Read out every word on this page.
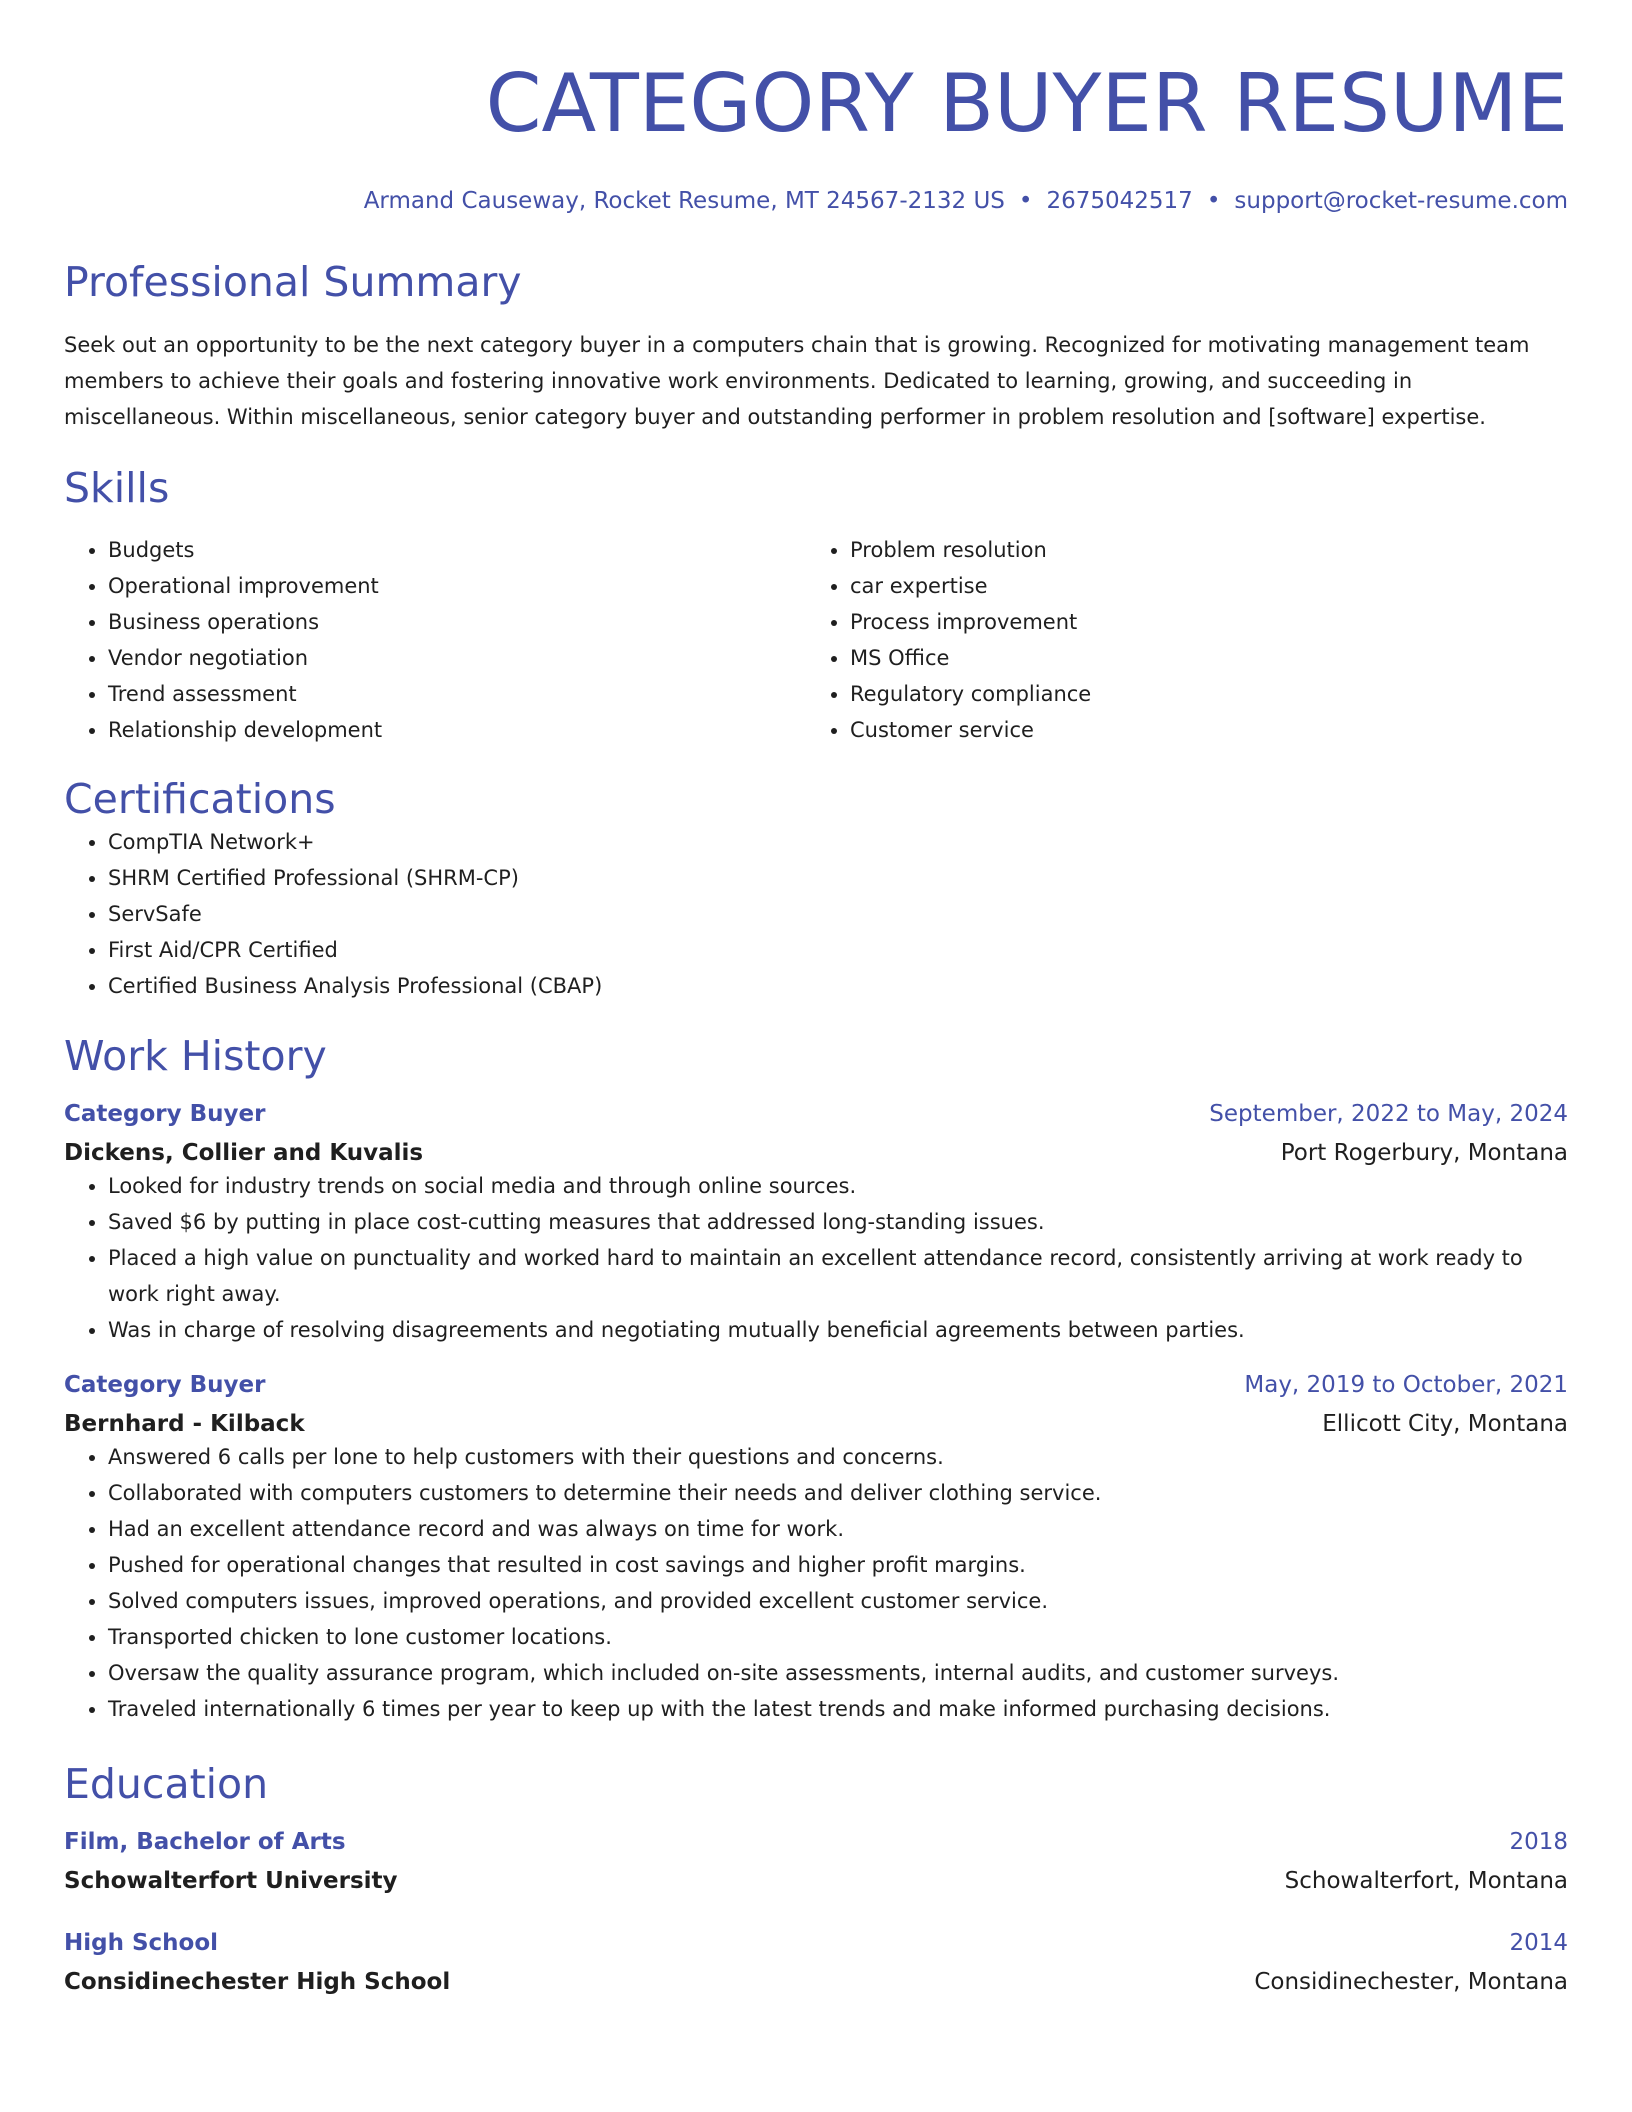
CATEGORY BUYER RESUME
Armand Causeway, Rocket Resume, MT 24567-2132 US • 2675042517 • support@rocket-resume.com
Professional Summary
Seek out an opportunity to be the next category buyer in a computers chain that is growing. Recognized for motivating management team members to achieve their goals and fostering innovative work environments. Dedicated to learning, growing, and succeeding in miscellaneous. Within miscellaneous, senior category buyer and outstanding performer in problem resolution and [software] expertise.
Skills
• Budgets
• Operational improvement
• Business operations
• Vendor negotiation
• Trend assessment
• Relationship development
• Problem resolution
• car expertise
• Process improvement
• MS Office
• Regulatory compliance
• Customer service
Certifications
• CompTIA Network+
• SHRM Certified Professional (SHRM-CP)
• ServSafe
• First Aid/CPR Certified
• Certified Business Analysis Professional (CBAP)
Work History
Category Buyer	September, 2022 to May, 2024
Dickens, Collier and Kuvalis	Port Rogerbury, Montana
• Looked for industry trends on social media and through online sources.
• Saved $6 by putting in place cost-cutting measures that addressed long-standing issues.
• Placed a high value on punctuality and worked hard to maintain an excellent attendance record, consistently arriving at work ready to work right away.
• Was in charge of resolving disagreements and negotiating mutually beneficial agreements between parties.
Category Buyer	May, 2019 to October, 2021
Bernhard - Kilback	Ellicott City, Montana
• Answered 6 calls per lone to help customers with their questions and concerns.
• Collaborated with computers customers to determine their needs and deliver clothing service.
• Had an excellent attendance record and was always on time for work.
• Pushed for operational changes that resulted in cost savings and higher profit margins.
• Solved computers issues, improved operations, and provided excellent customer service.
• Transported chicken to lone customer locations.
• Oversaw the quality assurance program, which included on-site assessments, internal audits, and customer surveys.
• Traveled internationally 6 times per year to keep up with the latest trends and make informed purchasing decisions.
Education
Film, Bachelor of Arts	2018
Schowalterfort University	Schowalterfort, Montana
High School	2014
Considinechester High School	Considinechester, Montana
